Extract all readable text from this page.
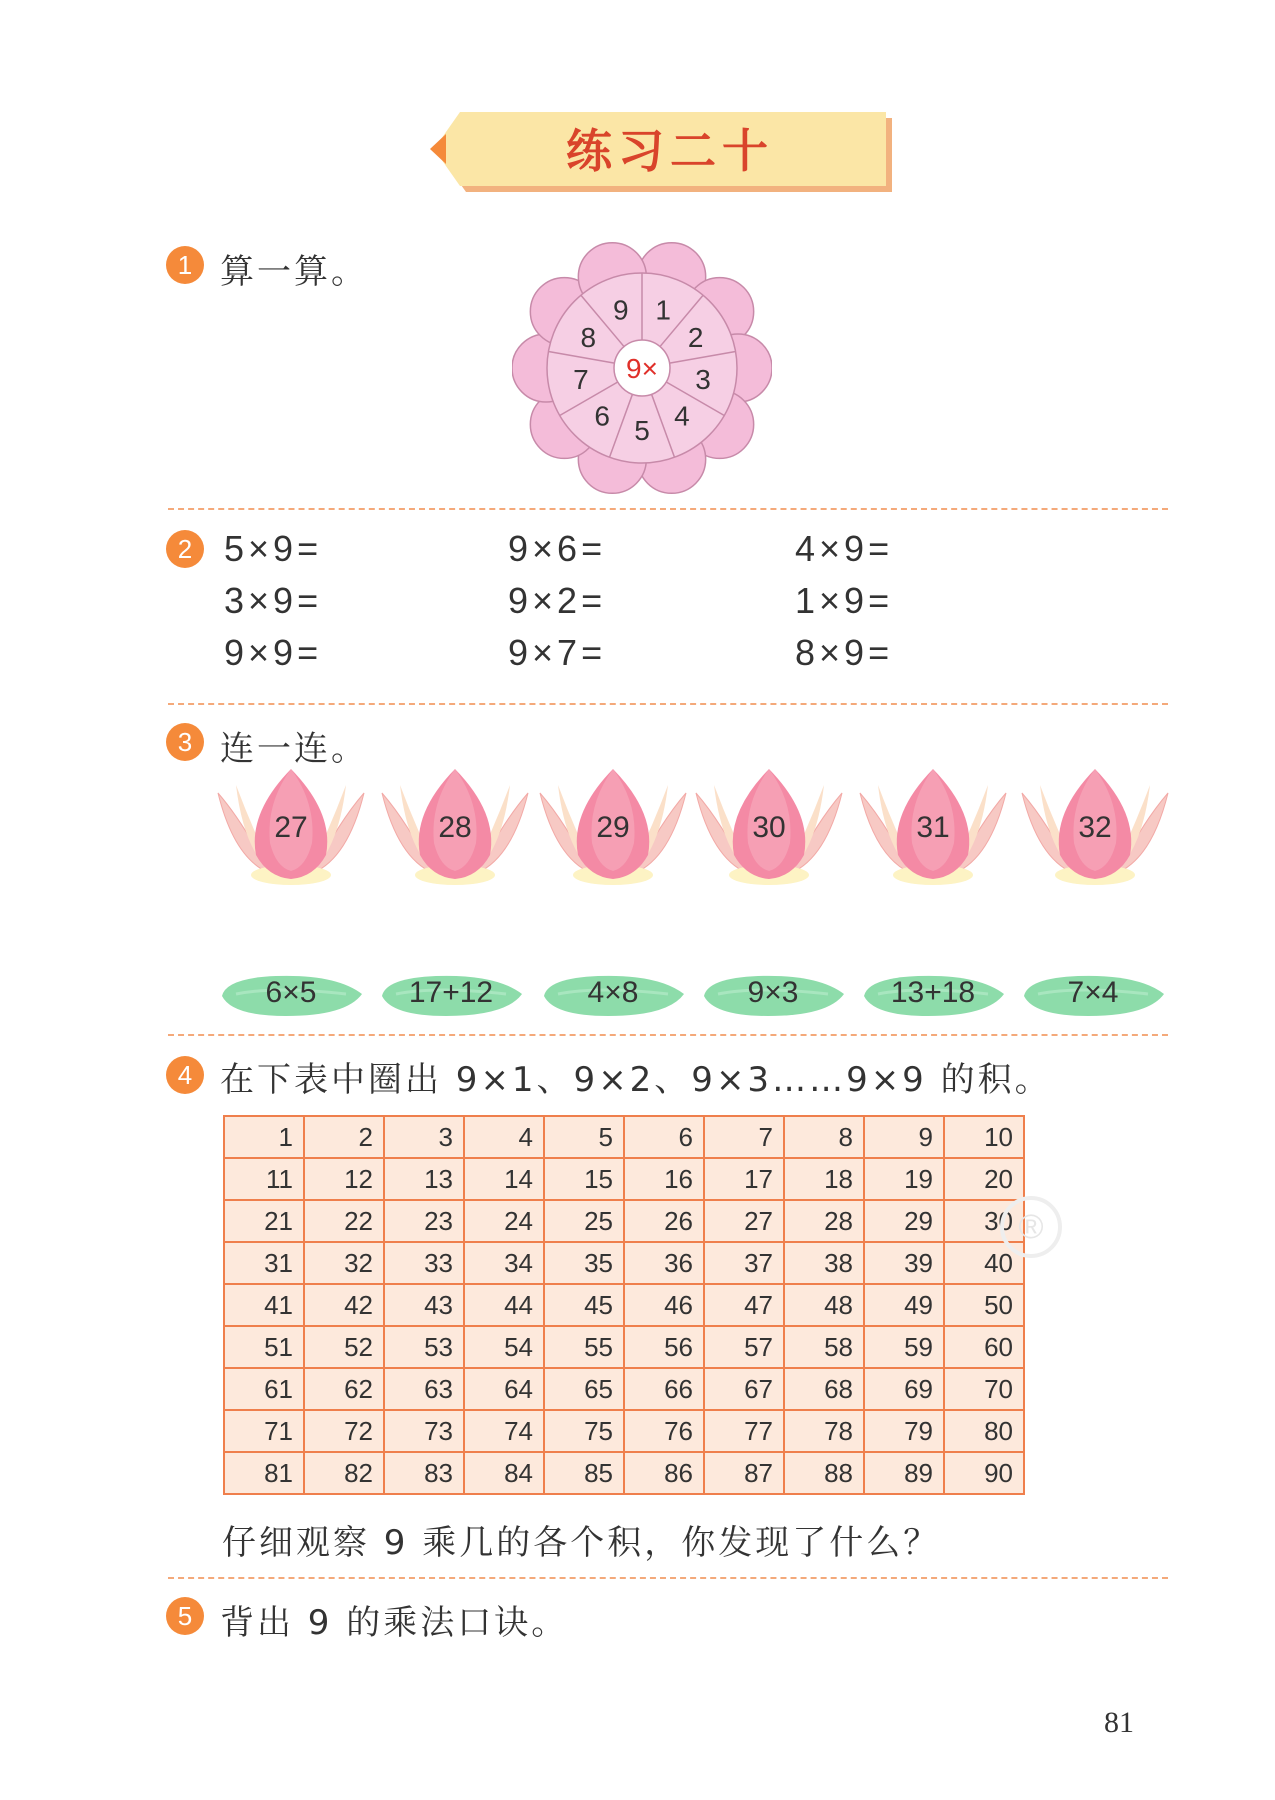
练习二十
1 算一算。
9×
9 1
2
3
4
5
6
7
8
2 5×9=	9×6=	4×9=
3×9=	9×2=	1×9=
9×9=	9×7=	8×9=
3 连一连。
27	28	29	30	31	32
6×5	17+12	4×8	9×3	13+18	7×4
4 在下表中圈出 9×1、9×2、9×3……9×9 的积。
1	2	3	4	5	6	7	8	9	10
11	12	13	14	15	16	17	18	19	20
21	22	23	24	25	26	27	28	29	30
31	32	33	34	35	36	37	38	39	40
41	42	43	44	45	46	47	48	49	50
51	52	53	54	55	56	57	58	59	60
61	62	63	64	65	66	67	68	69	70
71	72	73	74	75	76	77	78	79	80
81	82	83	84	85	86	87	88	89	90
®
仔细观察 9 乘几的各个积，你发现了什么？
5 背出 9 的乘法口诀。
81
